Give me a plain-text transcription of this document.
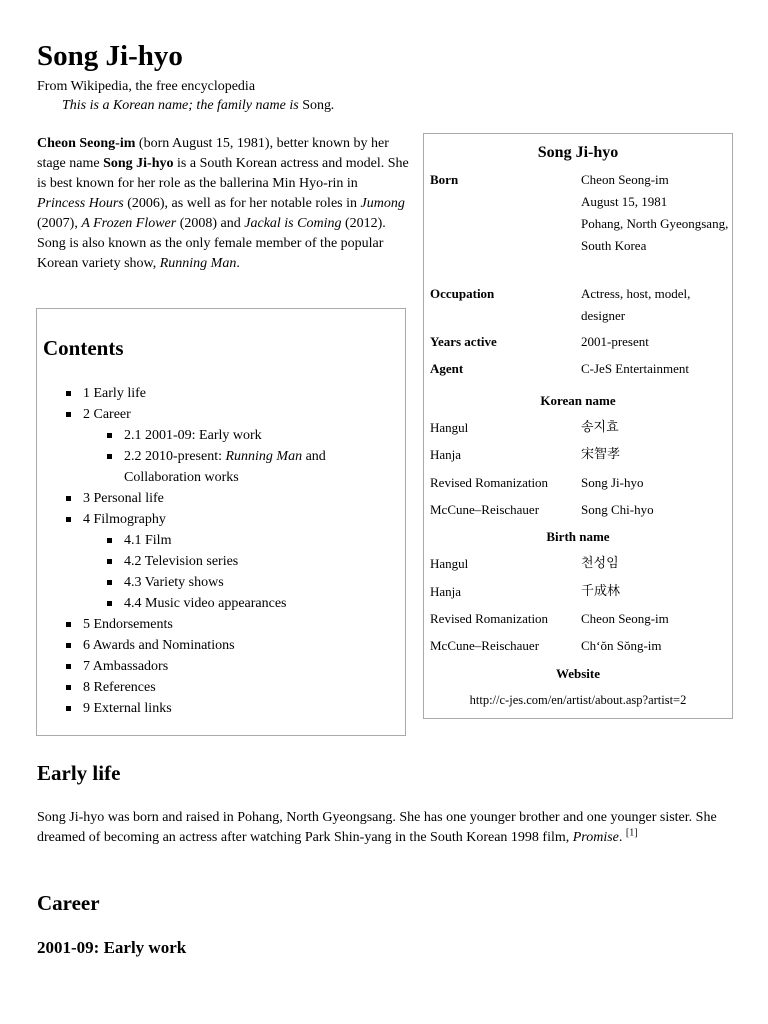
Song Ji-hyo
From Wikipedia, the free encyclopedia
This is a Korean name; the family name is Song.
Cheon Seong-im (born August 15, 1981), better known by her stage name Song Ji-hyo is a South Korean actress and model. She is best known for her role as the ballerina Min Hyo-rin in Princess Hours (2006), as well as for her notable roles in Jumong (2007), A Frozen Flower (2008) and Jackal is Coming (2012). Song is also known as the only female member of the popular Korean variety show, Running Man.
Contents
1 Early life
2 Career
2.1 2001-09: Early work
2.2 2010-present: Running Man and Collaboration works
3 Personal life
4 Filmography
4.1 Film
4.2 Television series
4.3 Variety shows
4.4 Music video appearances
5 Endorsements
6 Awards and Nominations
7 Ambassadors
8 References
9 External links
Song Ji-hyo
Born	Cheon Seong-im
August 15, 1981
Pohang, North Gyeongsang, South Korea
Occupation	Actress, host, model, designer
Years active	2001-present
Agent	C-JeS Entertainment
Korean name
Hangul	송지효
Hanja	宋智孝
Revised Romanization	Song Ji-hyo
McCune–Reischauer	Song Chi-hyo
Birth name
Hangul	천성임
Hanja	千成林
Revised Romanization	Cheon Seong-im
McCune–Reischauer	Ch‘ŏn Sŏng-im
Website
http://c-jes.com/en/artist/about.asp?artist=2
Early life
Song Ji-hyo was born and raised in Pohang, North Gyeongsang. She has one younger brother and one younger sister. She dreamed of becoming an actress after watching Park Shin-yang in the South Korean 1998 film, Promise. [1]
Career
2001-09: Early work
